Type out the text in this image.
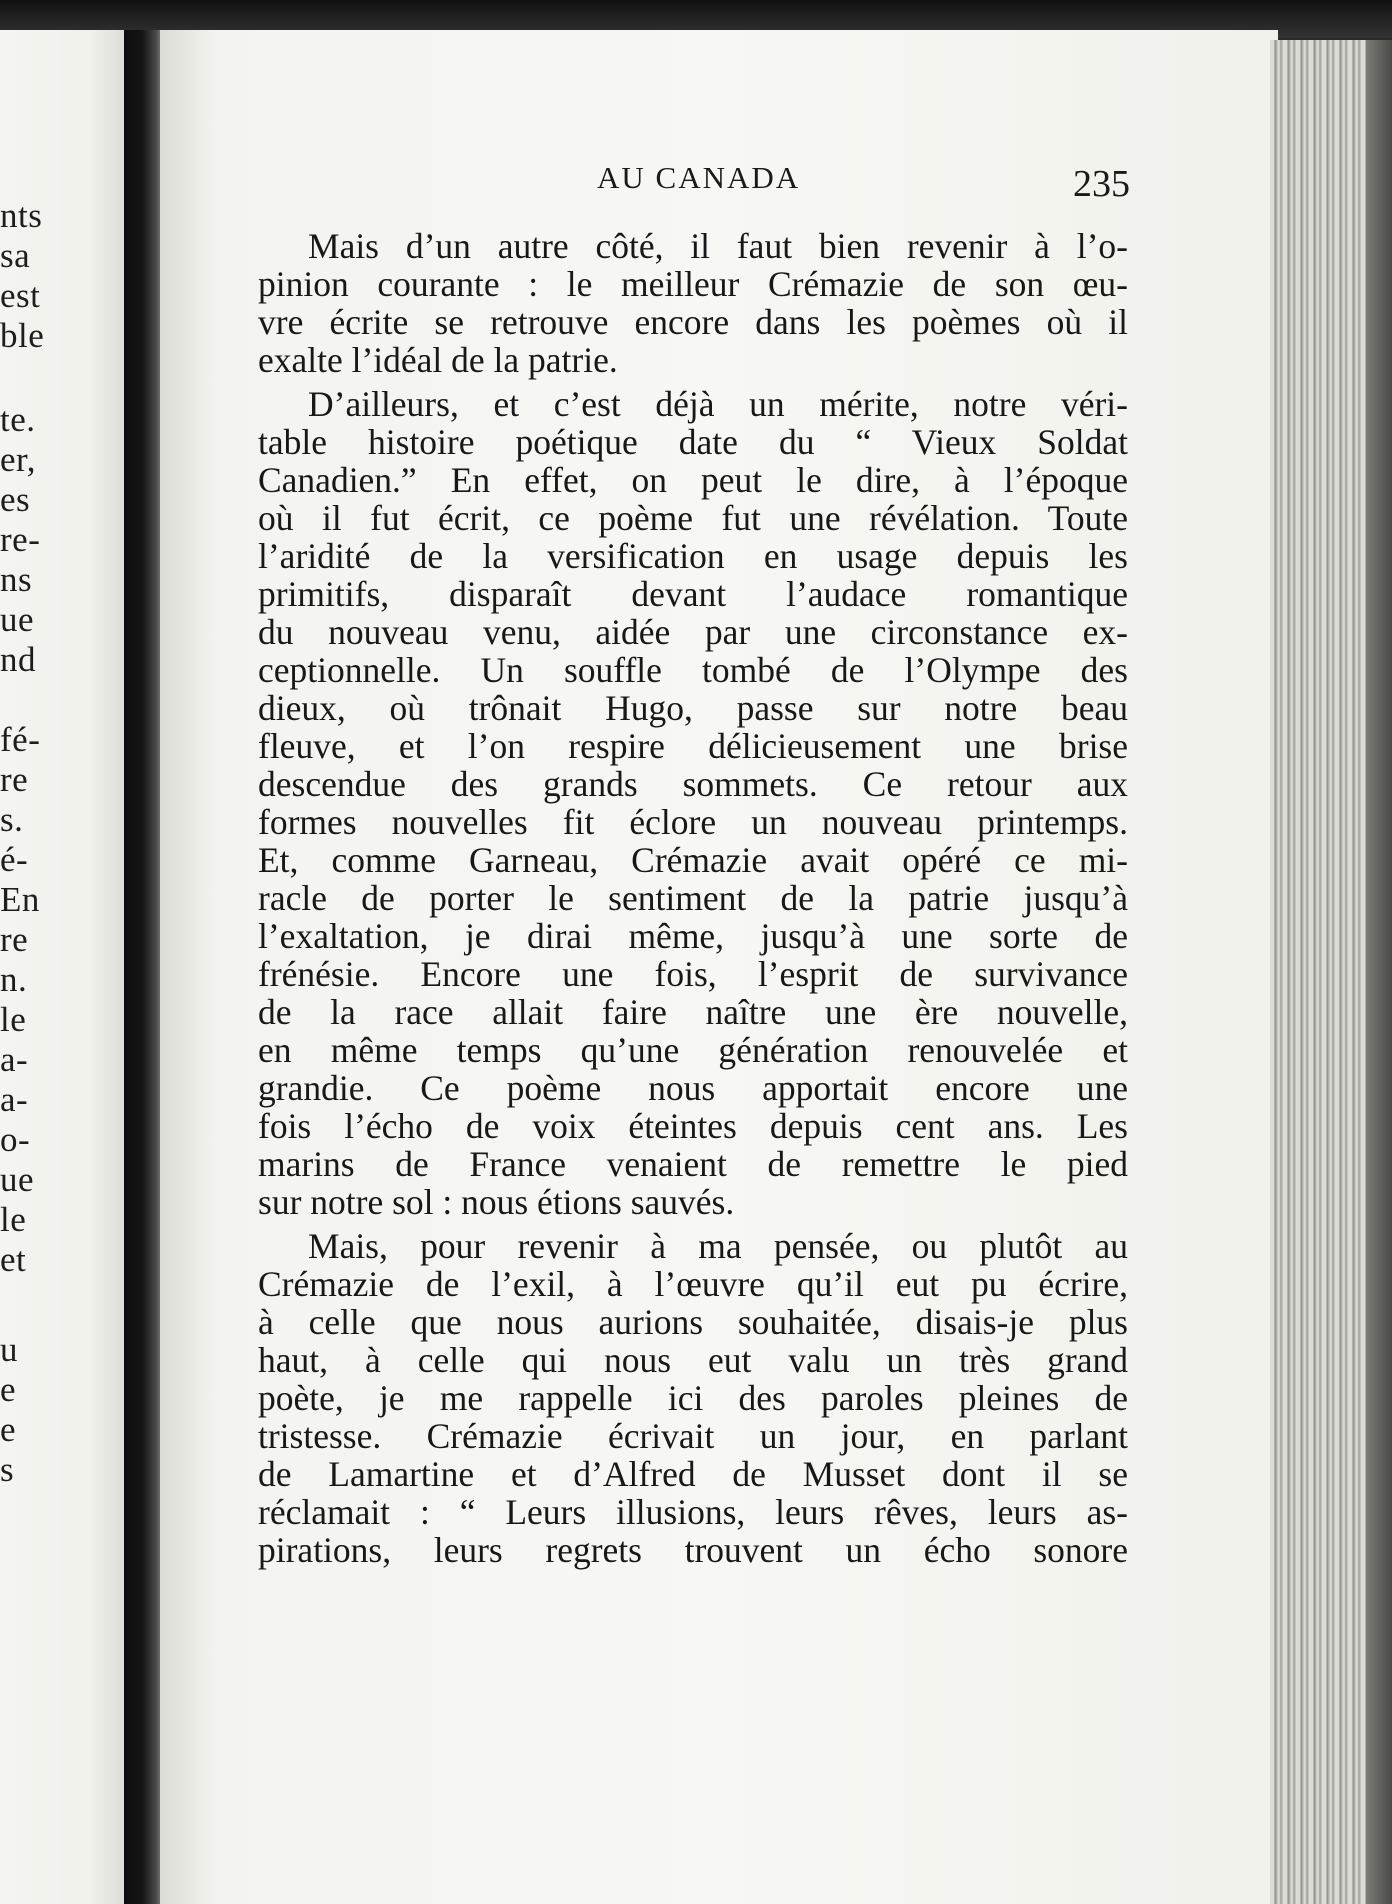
nts
sa
est
ble
te.
er,
es
re-
ns
ue
nd
fé-
re
s.
é-
En
re
n.
le
a-
a-
o-
ue
le
et
u
e
e
s
AU CANADA	235
Mais d’un autre côté, il faut bien revenir à l’o-
pinion courante : le meilleur Crémazie de son œu-
vre écrite se retrouve encore dans les poèmes où il
exalte l’idéal de la patrie.
D’ailleurs, et c’est déjà un mérite, notre véri-
table histoire poétique date du “ Vieux Soldat
Canadien.” En effet, on peut le dire, à l’époque
où il fut écrit, ce poème fut une révélation. Toute
l’aridité de la versification en usage depuis les
primitifs, disparaît devant l’audace romantique
du nouveau venu, aidée par une circonstance ex-
ceptionnelle. Un souffle tombé de l’Olympe des
dieux, où trônait Hugo, passe sur notre beau
fleuve, et l’on respire délicieusement une brise
descendue des grands sommets. Ce retour aux
formes nouvelles fit éclore un nouveau printemps.
Et, comme Garneau, Crémazie avait opéré ce mi-
racle de porter le sentiment de la patrie jusqu’à
l’exaltation, je dirai même, jusqu’à une sorte de
frénésie. Encore une fois, l’esprit de survivance
de la race allait faire naître une ère nouvelle,
en même temps qu’une génération renouvelée et
grandie. Ce poème nous apportait encore une
fois l’écho de voix éteintes depuis cent ans. Les
marins de France venaient de remettre le pied
sur notre sol : nous étions sauvés.
Mais, pour revenir à ma pensée, ou plutôt au
Crémazie de l’exil, à l’œuvre qu’il eut pu écrire,
à celle que nous aurions souhaitée, disais-je plus
haut, à celle qui nous eut valu un très grand
poète, je me rappelle ici des paroles pleines de
tristesse. Crémazie écrivait un jour, en parlant
de Lamartine et d’Alfred de Musset dont il se
réclamait : “ Leurs illusions, leurs rêves, leurs as-
pirations, leurs regrets trouvent un écho sonore
